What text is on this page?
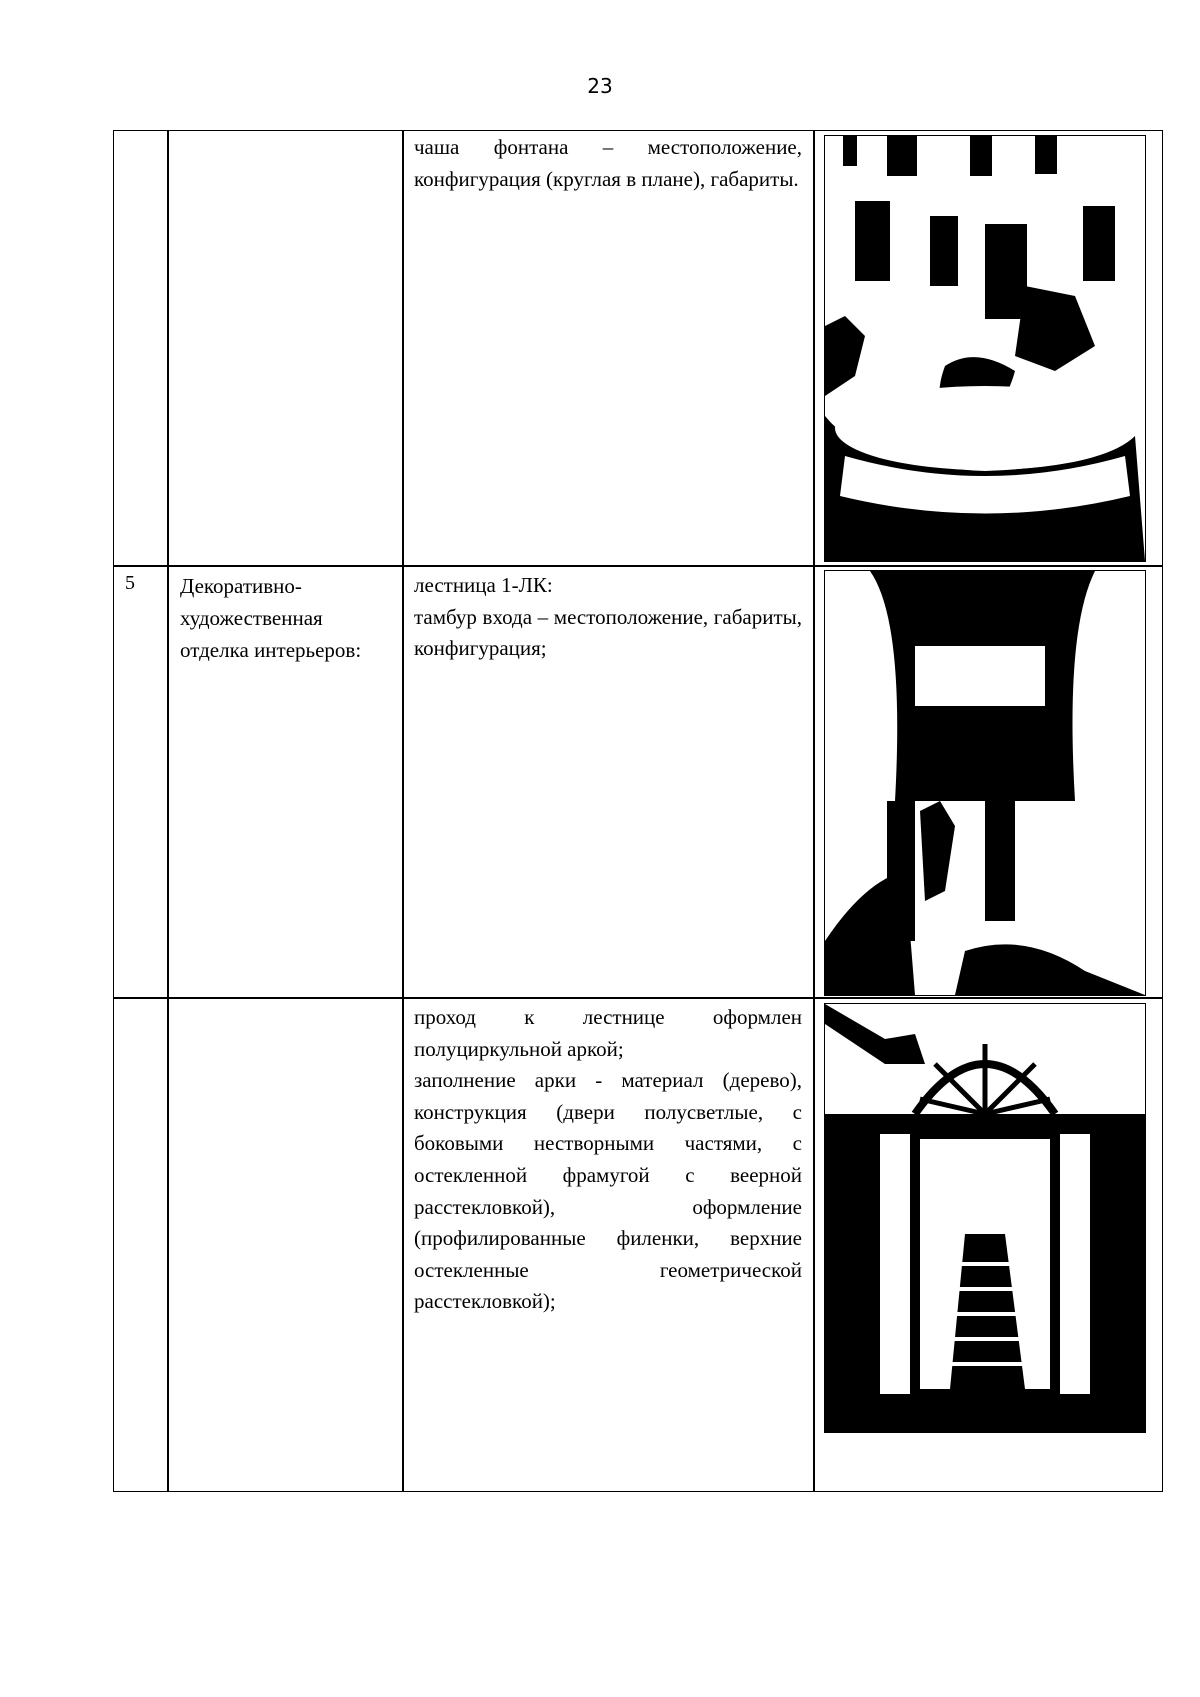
23

чаша фонтана – местоположение, конфигурация (круглая в плане), габариты.

5 Декоративно-художественная отделка интерьеров:

лестница 1-ЛК:

тамбур входа – местоположение, габариты, конфигурация;

проход к лестнице оформлен полуциркульной аркой;

заполнение арки - материал (дерево), конструкция (двери полусветлые, с боковыми нестворными частями, с остекленной фрамугой с веерной расстекловкой), оформление (профилированные филенки, верхние остекленные геометрической расстекловкой);
